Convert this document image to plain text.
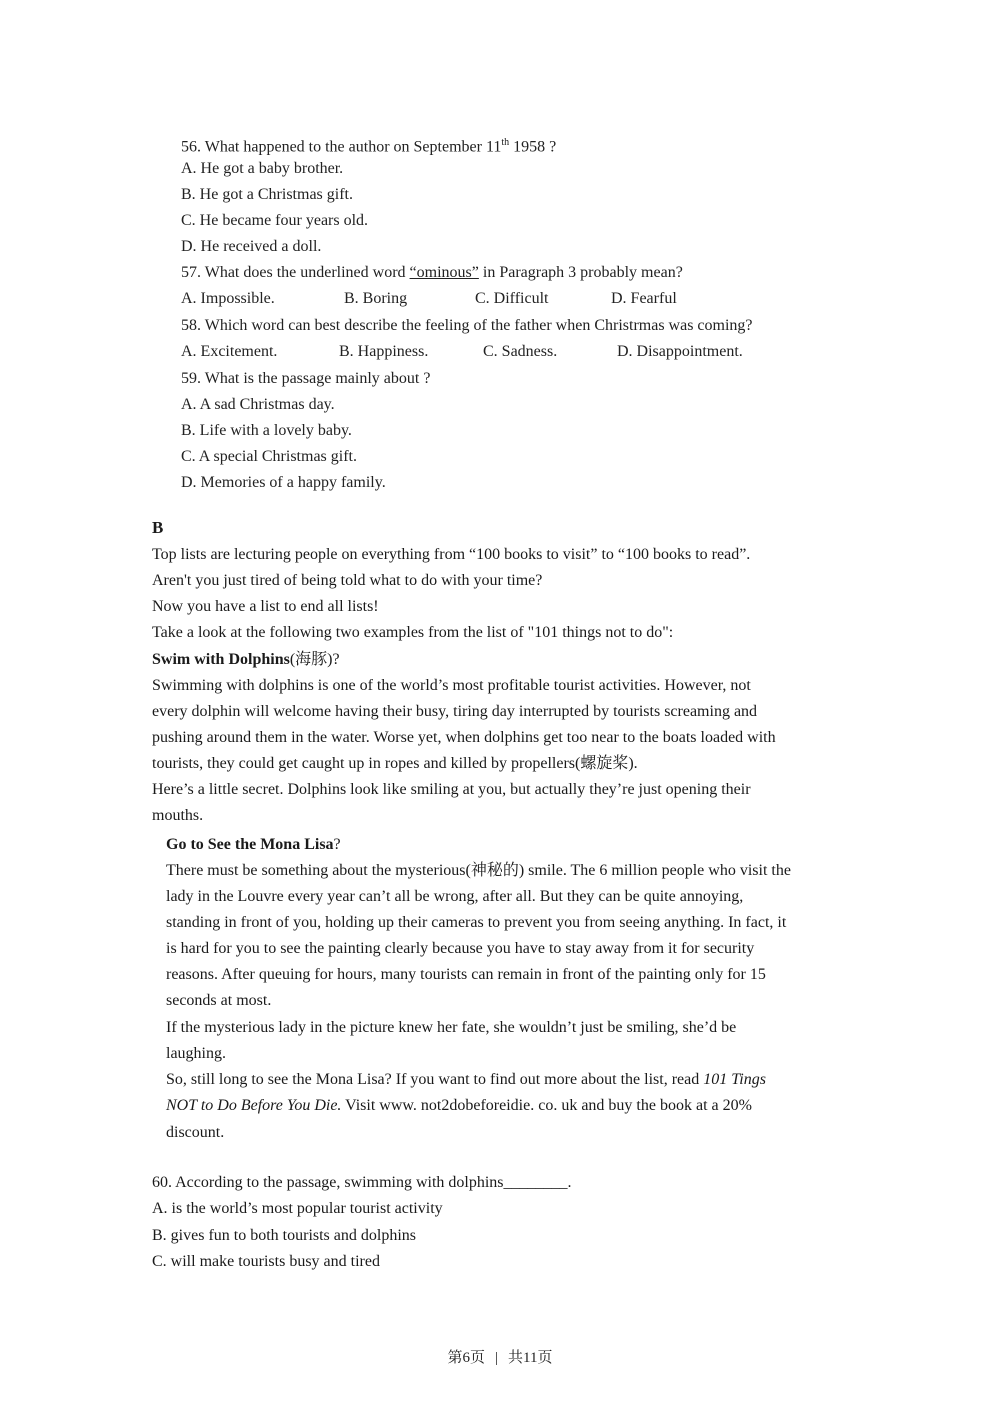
56. What happened to the author on September 11th 1958 ?
A. He got a baby brother.
B. He got a Christmas gift.
C. He became four years old.
D. He received a doll.
57. What does the underlined word “ominous” in Paragraph 3 probably mean?
A. Impossible.	B. Boring	C. Difficult	D. Fearful
58. Which word can best describe the feeling of the father when Christrmas was coming?
A. Excitement.	B. Happiness.	C. Sadness.	D. Disappointment.
59. What is the passage mainly about ?
A. A sad Christmas day.
B. Life with a lovely baby.
C. A special Christmas gift.
D. Memories of a happy family.
B
Top lists are lecturing people on everything from “100 books to visit” to “100 books to read”.
Aren't you just tired of being told what to do with your time?
Now you have a list to end all lists!
Take a look at the following two examples from the list of "101 things not to do":
Swim with Dolphins(海豚)?
Swimming with dolphins is one of the world’s most profitable tourist activities. However, not
every dolphin will welcome having their busy, tiring day interrupted by tourists screaming and
pushing around them in the water. Worse yet, when dolphins get too near to the boats loaded with
tourists, they could get caught up in ropes and killed by propellers(螺旋桨).
Here’s a little secret. Dolphins look like smiling at you, but actually they’re just opening their
mouths.
Go to See the Mona Lisa?
There must be something about the mysterious(神秘的) smile. The 6 million people who visit the
lady in the Louvre every year can’t all be wrong, after all. But they can be quite annoying,
standing in front of you, holding up their cameras to prevent you from seeing anything. In fact, it
is hard for you to see the painting clearly because you have to stay away from it for security
reasons. After queuing for hours, many tourists can remain in front of the painting only for 15
seconds at most.
If the mysterious lady in the picture knew her fate, she wouldn’t just be smiling, she’d be
laughing.
So, still long to see the Mona Lisa? If you want to find out more about the list, read 101 Tings
NOT to Do Before You Die. Visit www. not2dobeforeidie. co. uk and buy the book at a 20%
discount.
60. According to the passage, swimming with dolphins________.
A. is the world’s most popular tourist activity
B. gives fun to both tourists and dolphins
C. will make tourists busy and tired
第6页 | 共11页
